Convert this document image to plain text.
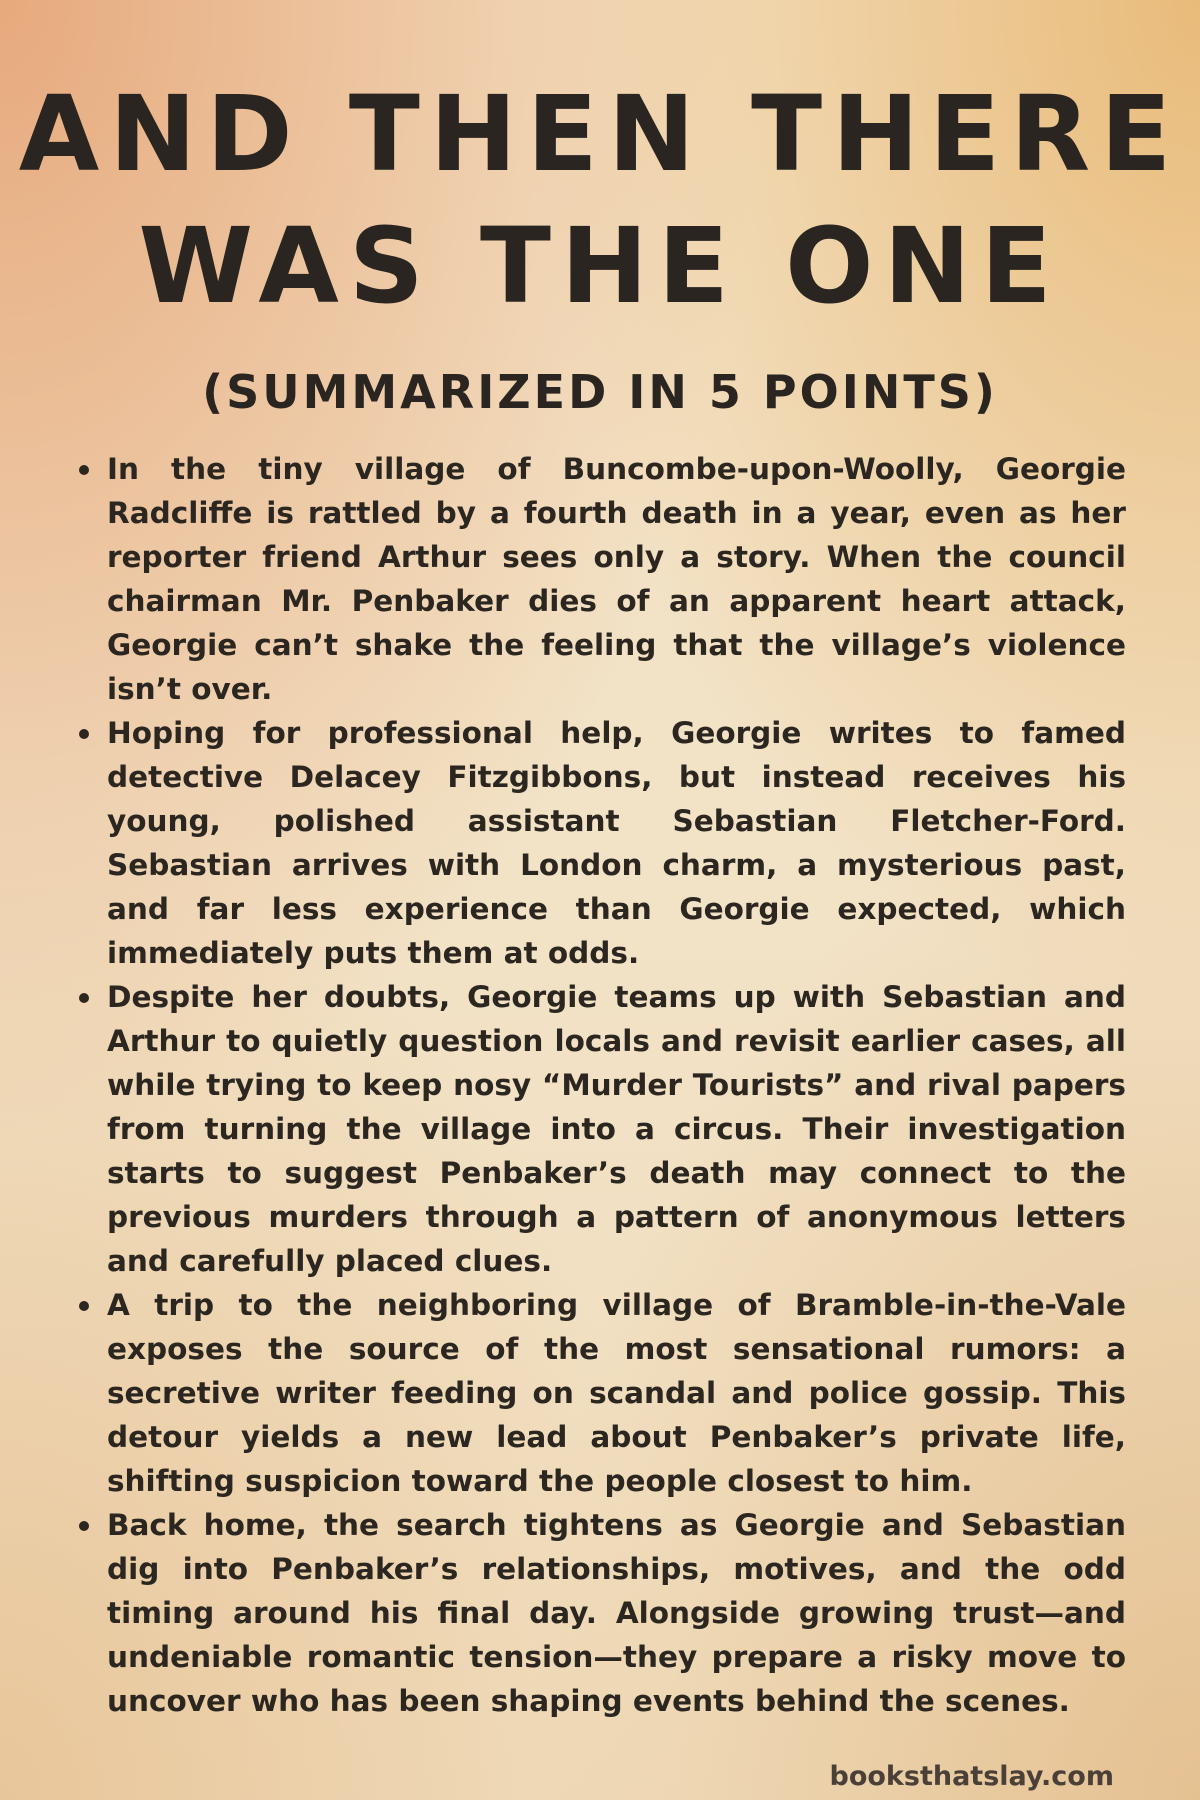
AND THEN THERE
WAS THE ONE
(SUMMARIZED IN 5 POINTS)
In the tiny village of Buncombe-upon-Woolly, Georgie Radcliffe is rattled by a fourth death in a year, even as her reporter friend Arthur sees only a story. When the council chairman Mr. Penbaker dies of an apparent heart attack, Georgie can’t shake the feeling that the village’s violence isn’t over.
Hoping for professional help, Georgie writes to famed detective Delacey Fitzgibbons, but instead receives his young, polished assistant Sebastian Fletcher-Ford. Sebastian arrives with London charm, a mysterious past, and far less experience than Georgie expected, which immediately puts them at odds.
Despite her doubts, Georgie teams up with Sebastian and Arthur to quietly question locals and revisit earlier cases, all while trying to keep nosy “Murder Tourists” and rival papers from turning the village into a circus. Their investigation starts to suggest Penbaker’s death may connect to the previous murders through a pattern of anonymous letters and carefully placed clues.
A trip to the neighboring village of Bramble-in-the-Vale exposes the source of the most sensational rumors: a secretive writer feeding on scandal and police gossip. This detour yields a new lead about Penbaker’s private life, shifting suspicion toward the people closest to him.
Back home, the search tightens as Georgie and Sebastian dig into Penbaker’s relationships, motives, and the odd timing around his final day. Alongside growing trust—and undeniable romantic tension—they prepare a risky move to uncover who has been shaping events behind the scenes.
booksthatslay.com
